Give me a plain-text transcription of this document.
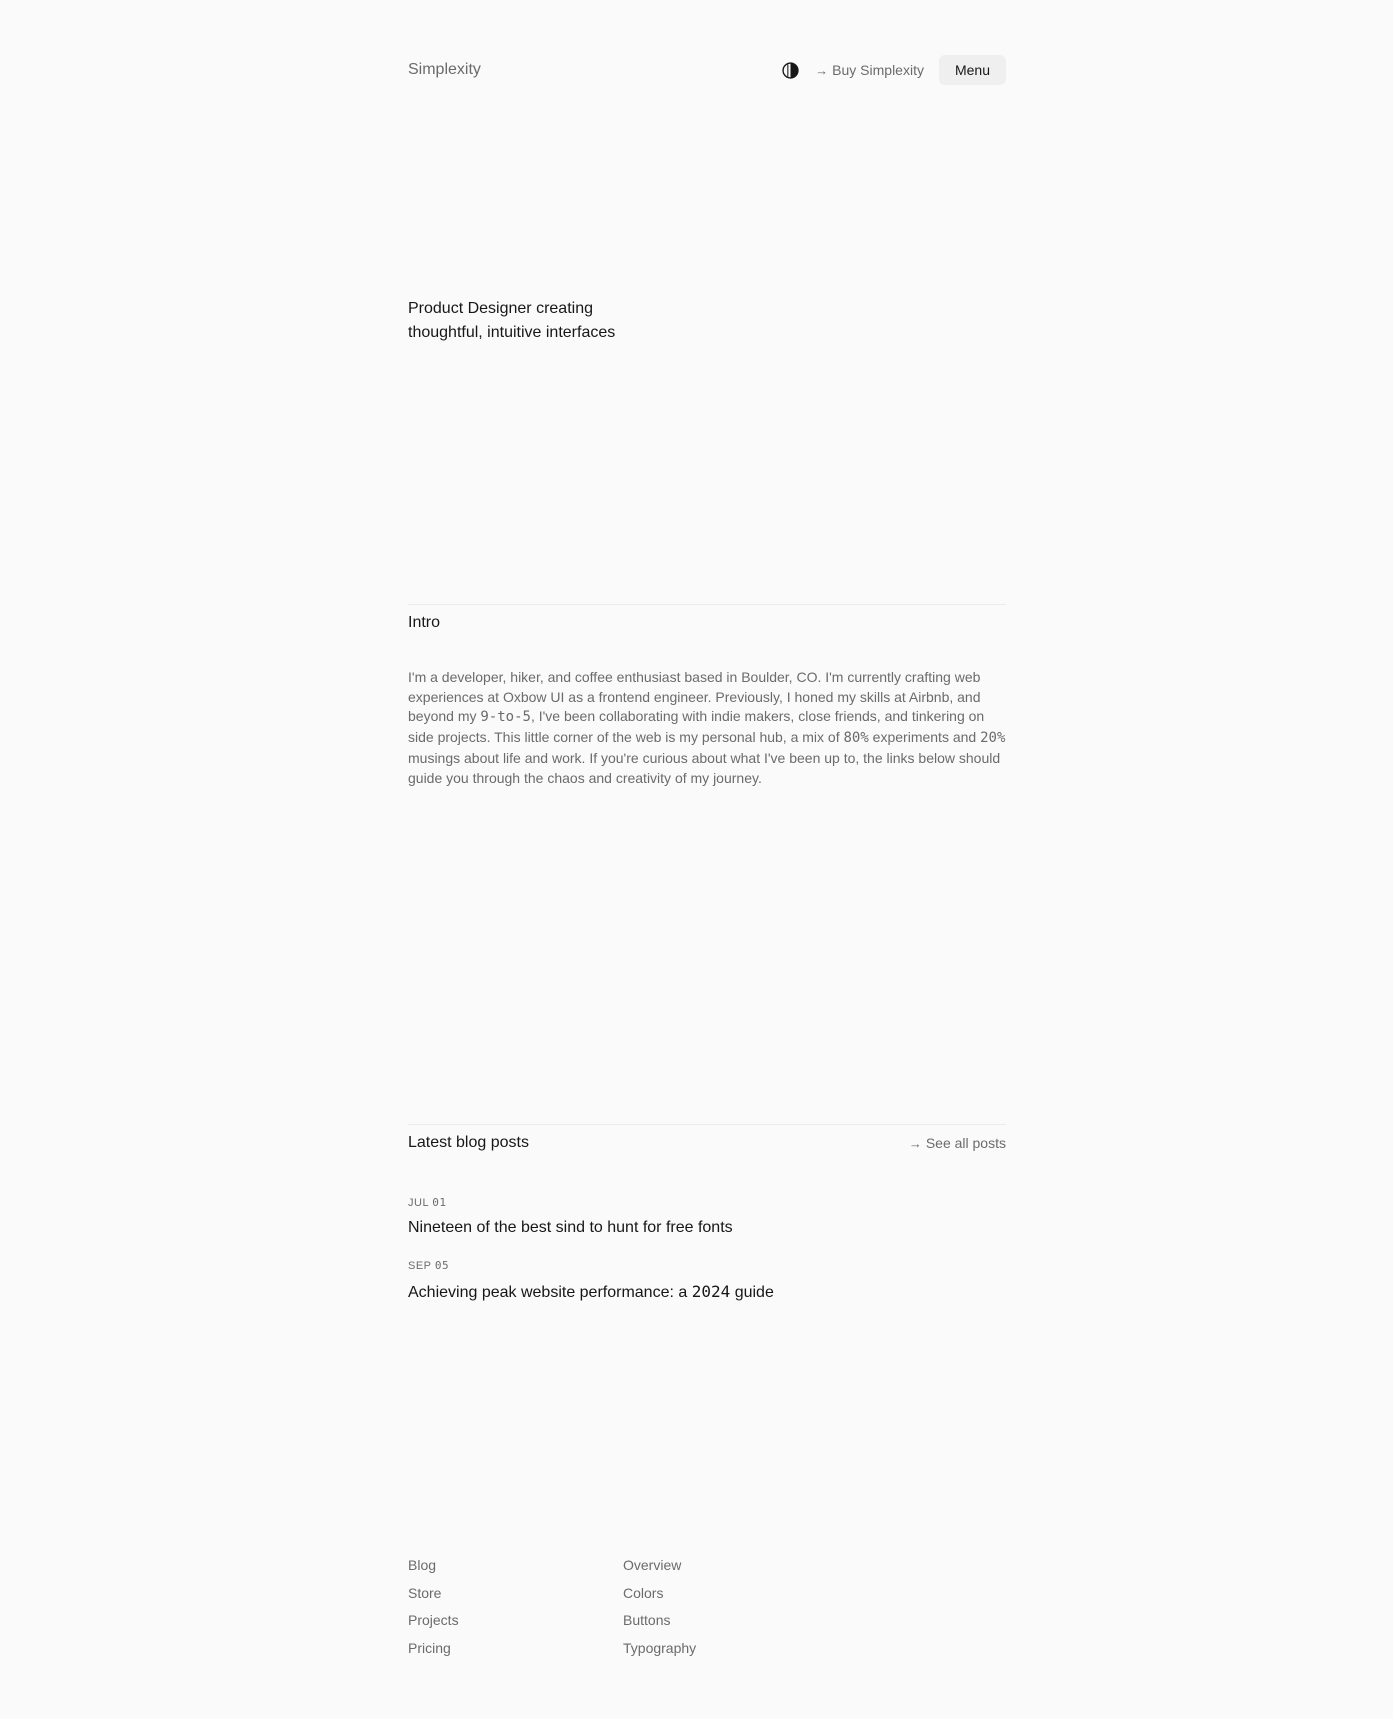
Simplexity	→ Buy Simplexity	Menu
Product Designer creating
thoughtful, intuitive interfaces
Intro

I'm a developer, hiker, and coffee enthusiast based in Boulder, CO. I'm currently crafting web experiences at Oxbow UI as a frontend engineer. Previously, I honed my skills at Airbnb, and beyond my 9-to-5, I've been collaborating with indie makers, close friends, and tinkering on side projects. This little corner of the web is my personal hub, a mix of 80% experiments and 20% musings about life and work. If you're curious about what I've been up to, the links below should guide you through the chaos and creativity of my journey.

Latest blog posts	→ See all posts
JUL 01
Nineteen of the best sind to hunt for free fonts
SEP 05
Achieving peak website performance: a 2024 guide
Blog
Store
Projects
Pricing
Overview
Colors
Buttons
Typography
